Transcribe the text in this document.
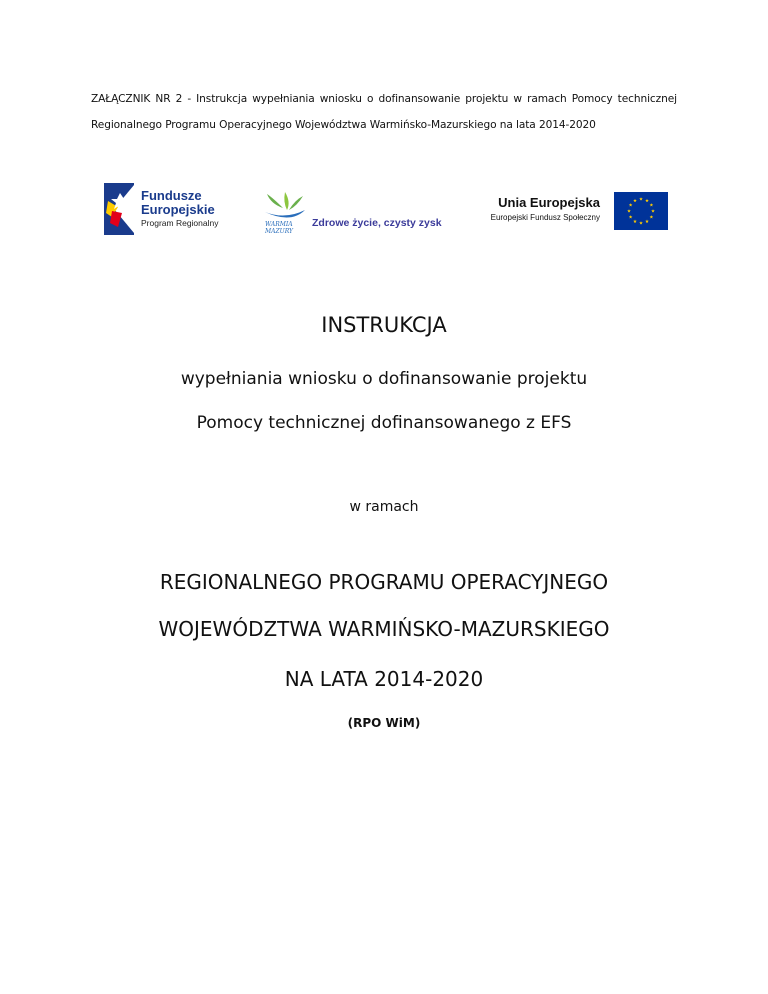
ZAŁĄCZNIK NR 2 - Instrukcja wypełniania wniosku o dofinansowanie projektu w ramach Pomocy technicznej Regionalnego Programu Operacyjnego Województwa Warmińsko-Mazurskiego na lata 2014-2020
Fundusze
Europejskie
Program Regionalny	WARMIA
MAZURY
Zdrowe życie, czysty zysk
Unia Europejska
Europejski Fundusz Społeczny
INSTRUKCJA
wypełniania wniosku o dofinansowanie projektu
Pomocy technicznej dofinansowanego z EFS
w ramach
REGIONALNEGO PROGRAMU OPERACYJNEGO
WOJEWÓDZTWA WARMIŃSKO-MAZURSKIEGO
NA LATA 2014-2020
(RPO WiM)
